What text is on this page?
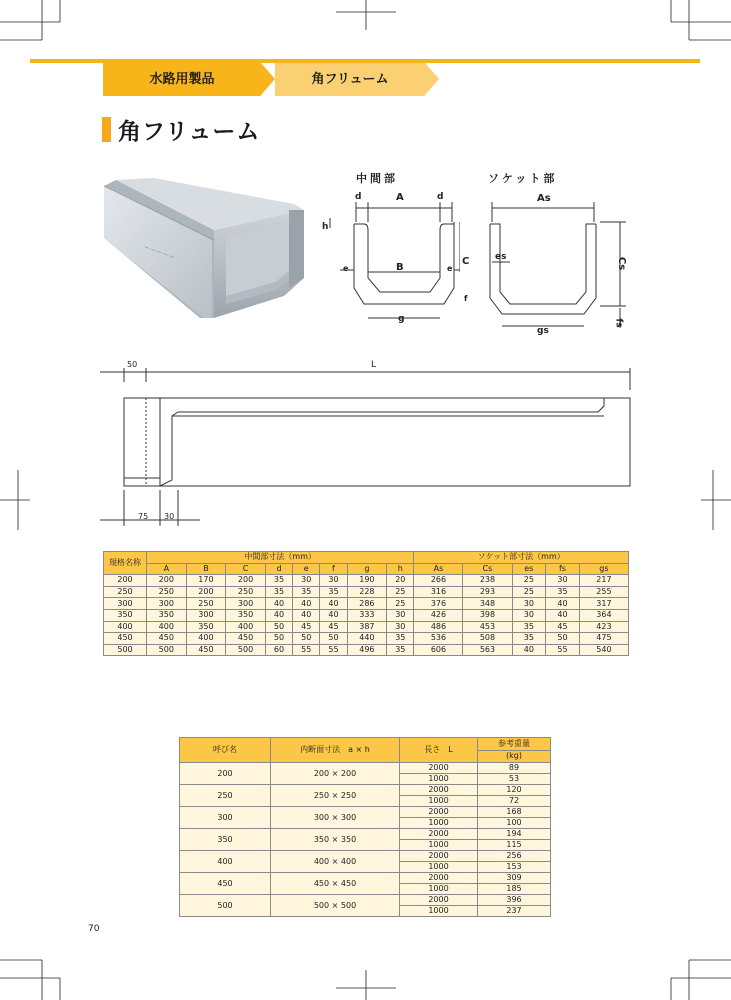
水路用製品	角フリューム
角フリューム
― ― ― ― ―
中間部	ソケット部
d	A	d
h
e	B	e
C
f
g
As
es	Cs
gs
fs
50	L
75 30
規格名称	中間部寸法（mm）								ソケット部寸法（mm）				
	A	B	C	d	e	f	g	h	As	Cs	es	fs	gs
200	200	170	200	35	30	30	190	20	266	238	25	30	217
250	250	200	250	35	35	35	228	25	316	293	25	35	255
300	300	250	300	40	40	40	286	25	376	348	30	40	317
350	350	300	350	40	40	40	333	30	426	398	30	40	364
400	400	350	400	50	45	45	387	30	486	453	35	45	423
450	450	400	450	50	50	50	440	35	536	508	35	50	475
500	500	450	500	60	55	55	496	35	606	563	40	55	540
呼び名	内断面寸法　a × h	長さ　L	参考重量
			(kg)
200	200 × 200	2000	89
		1000	53
250	250 × 250	2000	120
		1000	72
300	300 × 300	2000	168
		1000	100
350	350 × 350	2000	194
		1000	115
400	400 × 400	2000	256
		1000	153
450	450 × 450	2000	309
		1000	185
500	500 × 500	2000	396
		1000	237
70
